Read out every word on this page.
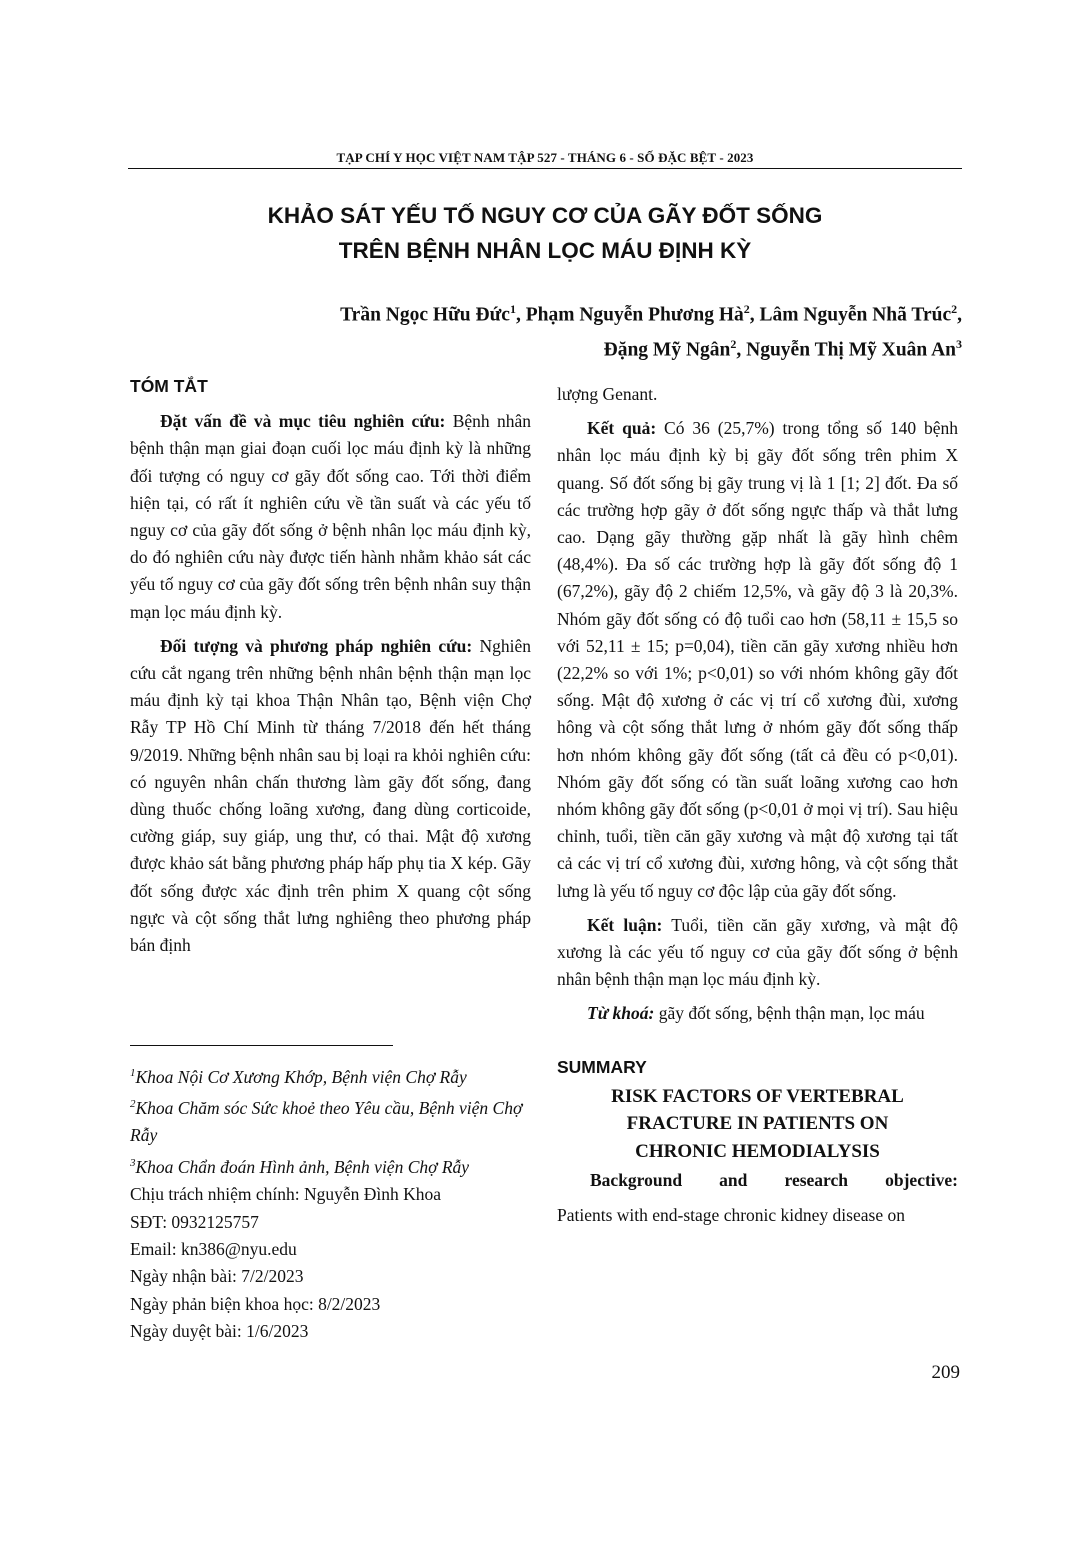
TẠP CHÍ Y HỌC VIỆT NAM TẬP 527 - THÁNG 6 - SỐ ĐẶC BỆT - 2023
KHẢO SÁT YẾU TỐ NGUY CƠ CỦA GÃY ĐỐT SỐNG
TRÊN BỆNH NHÂN LỌC MÁU ĐỊNH KỲ
Trần Ngọc Hữu Đức$^1$, Phạm Nguyễn Phương $Hà^2$, Lâm Nguyễn Nhã Trúc$^2$,
Đặng Mỹ Ngân$^2$, Nguyễn Thị Mỹ Xuân An$^3$
TÓM TẮT

Đặt vấn đề và mục tiêu nghiên cứu: Bệnh nhân bệnh thận mạn giai đoạn cuối lọc máu định kỳ là những đối tượng có nguy cơ gãy đốt sống cao. Tới thời điểm hiện tại, có rất ít nghiên cứu về tần suất và các yếu tố nguy cơ của gãy đốt sống ở bệnh nhân lọc máu định kỳ, do đó nghiên cứu này được tiến hành nhằm khảo sát các yếu tố nguy cơ của gãy đốt sống trên bệnh nhân suy thận mạn lọc máu định kỳ.

Đối tượng và phương pháp nghiên cứu: Nghiên cứu cắt ngang trên những bệnh nhân bệnh thận mạn lọc máu định kỳ tại khoa Thận Nhân tạo, Bệnh viện Chợ Rẫy TP Hồ Chí Minh từ tháng 7/2018 đến hết tháng 9/2019. Những bệnh nhân sau bị loại ra khỏi nghiên cứu: có nguyên nhân chấn thương làm gãy đốt sống, đang dùng thuốc chống loãng xương, đang dùng corticoide, cường giáp, suy giáp, ung thư, có thai. Mật độ xương được khảo sát bằng phương pháp hấp phụ tia X kép. Gãy đốt sống được xác định trên phim X quang cột sống ngực và cột sống thắt lưng nghiêng theo phương pháp bán định

$^1$Khoa Nội Cơ Xương Khớp, Bệnh viện Chợ Rẫy
$^2$Khoa Chăm sóc Sức khoẻ theo Yêu cầu, Bệnh viện Chợ Rẫy
$^3$Khoa Chẩn đoán Hình ảnh, Bệnh viện Chợ Rẫy
Chịu trách nhiệm chính: Nguyễn Đình Khoa
SĐT: 0932125757
Email: kn386@nyu.edu
Ngày nhận bài: 7/2/2023
Ngày phản biện khoa học: 8/2/2023
Ngày duyệt bài: 1/6/2023

lượng Genant.

Kết quả: Có 36 (25,7%) trong tổng số 140 bệnh nhân lọc máu định kỳ bị gãy đốt sống trên phim X quang. Số đốt sống bị gãy trung vị là 1 [1; 2] đốt. Đa số các trường hợp gãy ở đốt sống ngực thấp và thắt lưng cao. Dạng gãy thường gặp nhất là gãy hình chêm (48,4%). Đa số các trường hợp là gãy đốt sống độ 1 (67,2%), gãy độ 2 chiếm 12,5%, và gãy độ 3 là 20,3%. Nhóm gãy đốt sống có độ tuổi cao hơn (58,11 ± 15,5 so với 52,11 ± 15; p=0,04), tiền căn gãy xương nhiều hơn (22,2% so với 1%; p<0,01) so với nhóm không gãy đốt sống. Mật độ xương ở các vị trí cổ xương đùi, xương hông và cột sống thắt lưng ở nhóm gãy đốt sống thấp hơn nhóm không gãy đốt sống (tất cả đều có p<0,01). Nhóm gãy đốt sống có tần suất loãng xương cao hơn nhóm không gãy đốt sống (p<0,01 ở mọi vị trí). Sau hiệu chỉnh, tuổi, tiền căn gãy xương và mật độ xương tại tất cả các vị trí cổ xương đùi, xương hông, và cột sống thắt lưng là yếu tố nguy cơ độc lập của gãy đốt sống.

Kết luận: Tuổi, tiền căn gãy xương, và mật độ xương là các yếu tố nguy cơ của gãy đốt sống ở bệnh nhân bệnh thận mạn lọc máu định kỳ.

Từ khoá: gãy đốt sống, bệnh thận mạn, lọc máu

SUMMARY
RISK FACTORS OF VERTEBRAL
FRACTURE IN PATIENTS ON
CHRONIC HEMODIALYSIS

Background and research objective:

Patients with end-stage chronic kidney disease on

209
